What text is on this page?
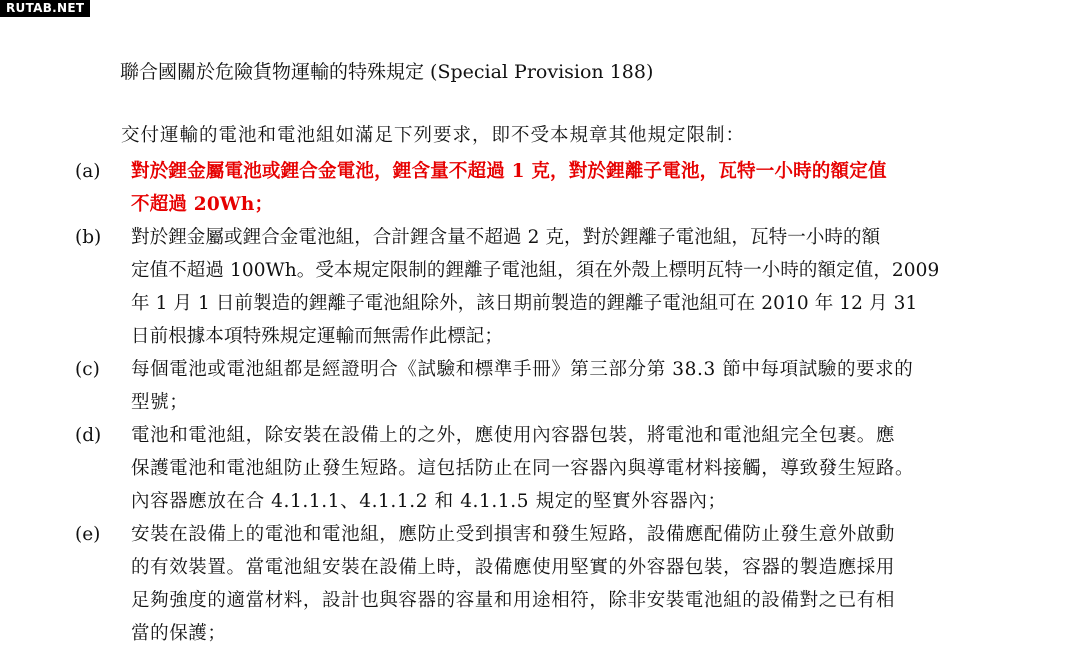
RUTAB.NET
聯合國關於危險貨物運輸的特殊規定 (Special Provision 188)
交付運輸的電池和電池組如滿足下列要求，即不受本規章其他規定限制：
(a)	對於鋰金屬電池或鋰合金電池，鋰含量不超過 1 克，對於鋰離子電池，瓦特一小時的額定值
不超過 20Wh；
(b)	對於鋰金屬或鋰合金電池組，合計鋰含量不超過 2 克，對於鋰離子電池組，瓦特一小時的額
定值不超過 100Wh。受本規定限制的鋰離子電池組，須在外殼上標明瓦特一小時的額定值，2009
年 1 月 1 日前製造的鋰離子電池組除外，該日期前製造的鋰離子電池組可在 2010 年 12 月 31
日前根據本項特殊規定運輸而無需作此標記；
(c)	每個電池或電池組都是經證明合《試驗和標準手冊》第三部分第 38.3 節中每項試驗的要求的
型號；
(d)	電池和電池組，除安裝在設備上的之外，應使用內容器包裝，將電池和電池組完全包裹。應
保護電池和電池組防止發生短路。這包括防止在同一容器內與導電材料接觸，導致發生短路。
內容器應放在合 4.1.1.1、4.1.1.2 和 4.1.1.5 規定的堅實外容器內；
(e)	安裝在設備上的電池和電池組，應防止受到損害和發生短路，設備應配備防止發生意外啟動
的有效裝置。當電池組安裝在設備上時，設備應使用堅實的外容器包裝，容器的製造應採用
足夠強度的適當材料，設計也與容器的容量和用途相符，除非安裝電池組的設備對之已有相
當的保護；
